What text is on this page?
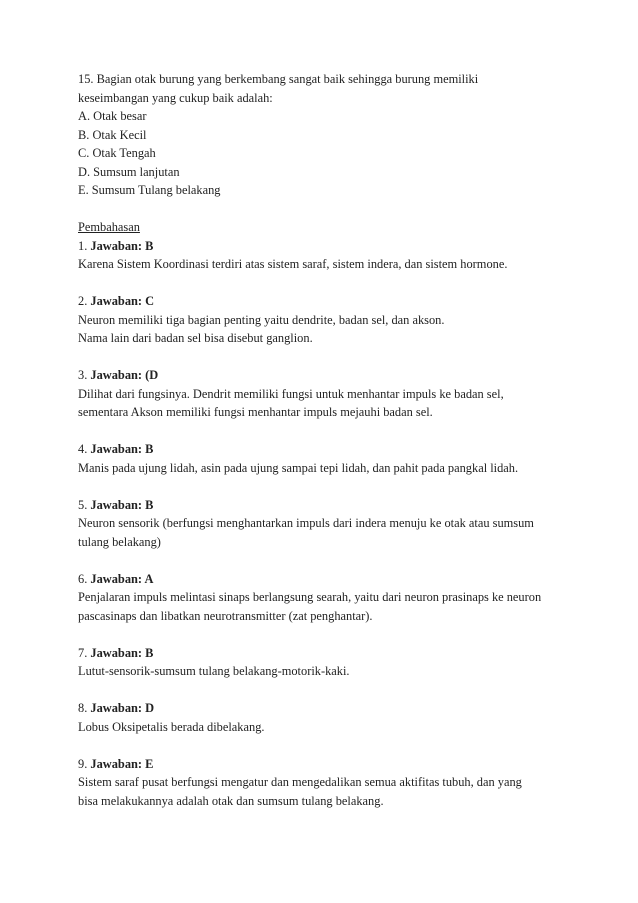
15. Bagian otak burung yang berkembang sangat baik sehingga burung memiliki
keseimbangan yang cukup baik adalah:
A. Otak besar
B. Otak Kecil
C. Otak Tengah
D. Sumsum lanjutan
E. Sumsum Tulang belakang
Pembahasan
1. Jawaban: B
Karena Sistem Koordinasi terdiri atas sistem saraf, sistem indera, dan sistem hormone.
2. Jawaban: C
Neuron memiliki tiga bagian penting yaitu dendrite, badan sel, dan akson.
Nama lain dari badan sel bisa disebut ganglion.
3. Jawaban: (D
Dilihat dari fungsinya. Dendrit memiliki fungsi untuk menhantar impuls ke badan sel,
sementara Akson memiliki fungsi menhantar impuls mejauhi badan sel.
4. Jawaban: B
Manis pada ujung lidah, asin pada ujung sampai tepi lidah, dan pahit pada pangkal lidah.
5. Jawaban: B
Neuron sensorik (berfungsi menghantarkan impuls dari indera menuju ke otak atau sumsum
tulang belakang)
6. Jawaban: A
Penjalaran impuls melintasi sinaps berlangsung searah, yaitu dari neuron prasinaps ke neuron
pascasinaps dan libatkan neurotransmitter (zat penghantar).
7. Jawaban: B
Lutut-sensorik-sumsum tulang belakang-motorik-kaki.
8. Jawaban: D
Lobus Oksipetalis berada dibelakang.
9. Jawaban: E
Sistem saraf pusat berfungsi mengatur dan mengedalikan semua aktifitas tubuh, dan yang
bisa melakukannya adalah otak dan sumsum tulang belakang.
